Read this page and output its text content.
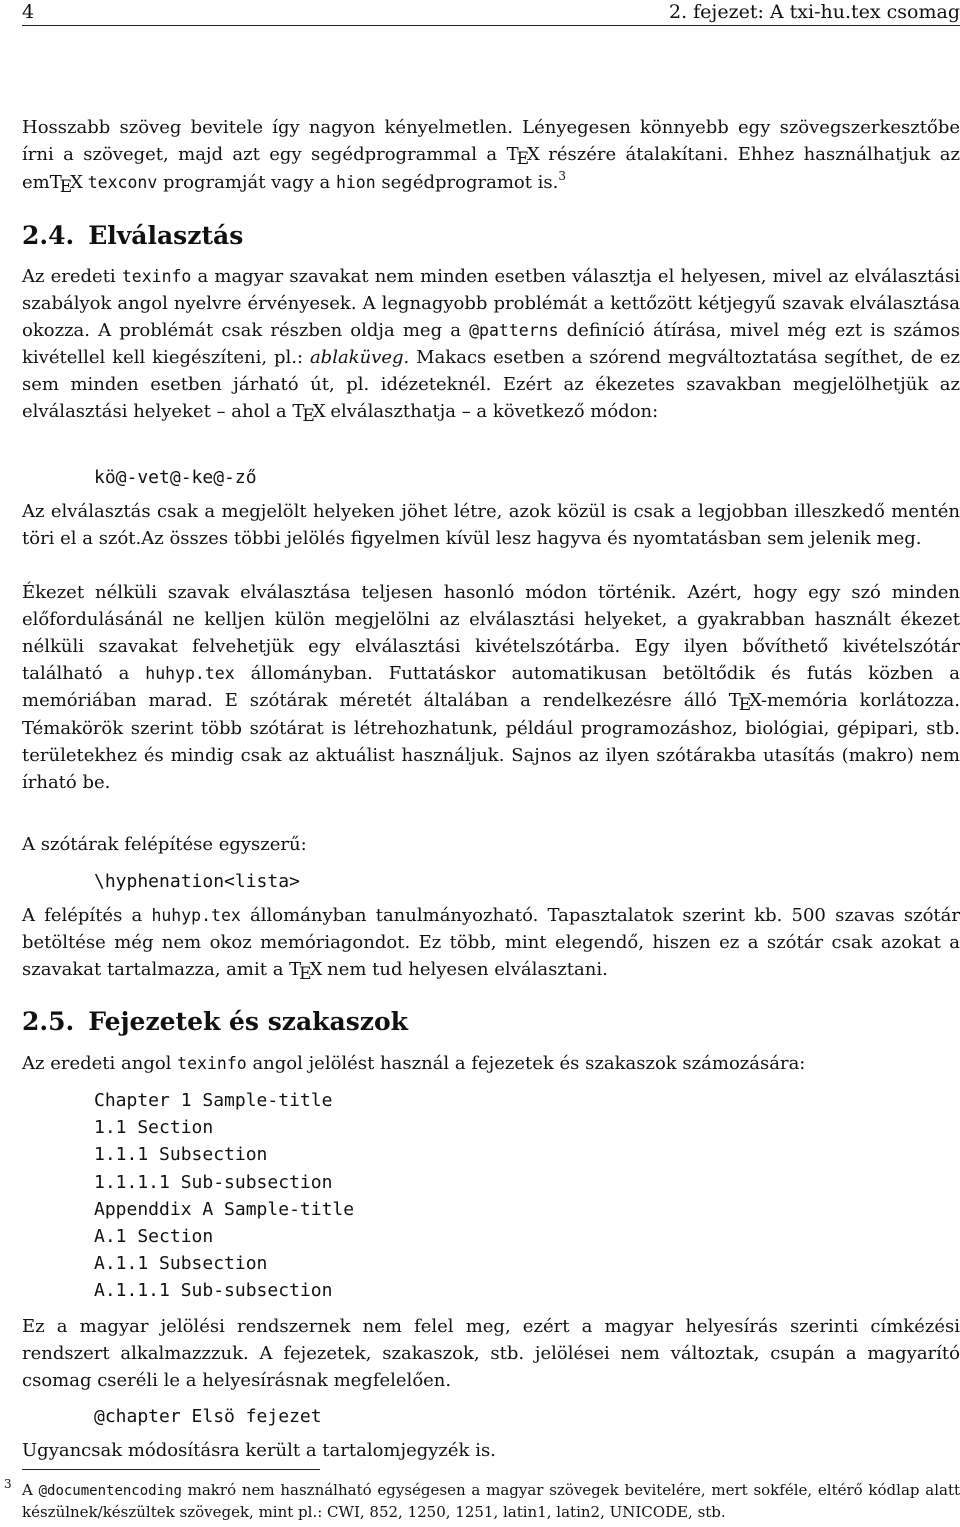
4	2. fejezet: A txi-hu.tex csomag

Hosszabb szöveg bevitele így nagyon kényelmetlen. Lényegesen könnyebb egy szövegszerkesztőbe írni a szöveget, majd azt egy segédprogrammal a TEX részére átalakítani. Ehhez használhatjuk az emTEX texconv programját vagy a hion segédprogramot is.$^3$

2.4. Elválasztás

Az eredeti texinfo a magyar szavakat nem minden esetben választja el helyesen, mivel az elválasztási szabályok angol nyelvre érvényesek. A legnagyobb problémát a kettőzött kétjegyű szavak elválasztása okozza. A problémát csak részben oldja meg a @patterns definíció átírása, mivel még ezt is számos kivétellel kell kiegészíteni, pl.: ablaküveg. Makacs esetben a szórend megváltoztatása segíthet, de ez sem minden esetben járható út, pl. idézeteknél. Ezért az ékezetes szavakban megjelölhetjük az elválasztási helyeket – ahol a TEX elválaszthatja – a következő módon:

kö@-vet@-ke@-ző

Az elválasztás csak a megjelölt helyeken jöhet létre, azok közül is csak a legjobban illeszkedő mentén töri el a szót.Az összes többi jelölés figyelmen kívül lesz hagyva és nyomtatásban sem jelenik meg.

Ékezet nélküli szavak elválasztása teljesen hasonló módon történik. Azért, hogy egy szó minden előfordulásánál ne kelljen külön megjelölni az elválasztási helyeket, a gyakrabban használt ékezet nélküli szavakat felvehetjük egy elválasztási kivételszótárba. Egy ilyen bővíthető kivételszótár található a huhyp.tex állományban. Futtatáskor automatikusan betöltődik és futás közben a memóriában marad. E szótárak méretét általában a rendelkezésre álló TEX-memória korlátozza. Témakörök szerint több szótárat is létrehozhatunk, például programozáshoz, biológiai, gépipari, stb. területekhez és mindig csak az aktuálist használjuk. Sajnos az ilyen szótárakba utasítás (makro) nem írható be.

A szótárak felépítése egyszerű:

\hyphenation<lista>

A felépítés a huhyp.tex állományban tanulmányozható. Tapasztalatok szerint kb. 500 szavas szótár betöltése még nem okoz memóriagondot. Ez több, mint elegendő, hiszen ez a szótár csak azokat a szavakat tartalmazza, amit a TEX nem tud helyesen elválasztani.

2.5. Fejezetek és szakaszok

Az eredeti angol texinfo angol jelölést használ a fejezetek és szakaszok számozására:

Chapter 1 Sample-title
1.1 Section
1.1.1 Subsection
1.1.1.1 Sub-subsection
Appenddix A Sample-title
A.1 Section
A.1.1 Subsection
A.1.1.1 Sub-subsection

Ez a magyar jelölési rendszernek nem felel meg, ezért a magyar helyesírás szerinti címkézési rendszert alkalmazzzuk. A fejezetek, szakaszok, stb. jelölései nem változtak, csupán a magyarító csomag cseréli le a helyesírásnak megfelelően.

@chapter Elsö fejezet

Ugyancsak módosításra került a tartalomjegyzék is.

3 A @documentencoding makró nem használható egységesen a magyar szövegek bevitelére, mert sokféle, eltérő kódlap alatt készülnek/készültek szövegek, mint pl.: CWI, 852, 1250, 1251, latin1, latin2, UNICODE, stb.
